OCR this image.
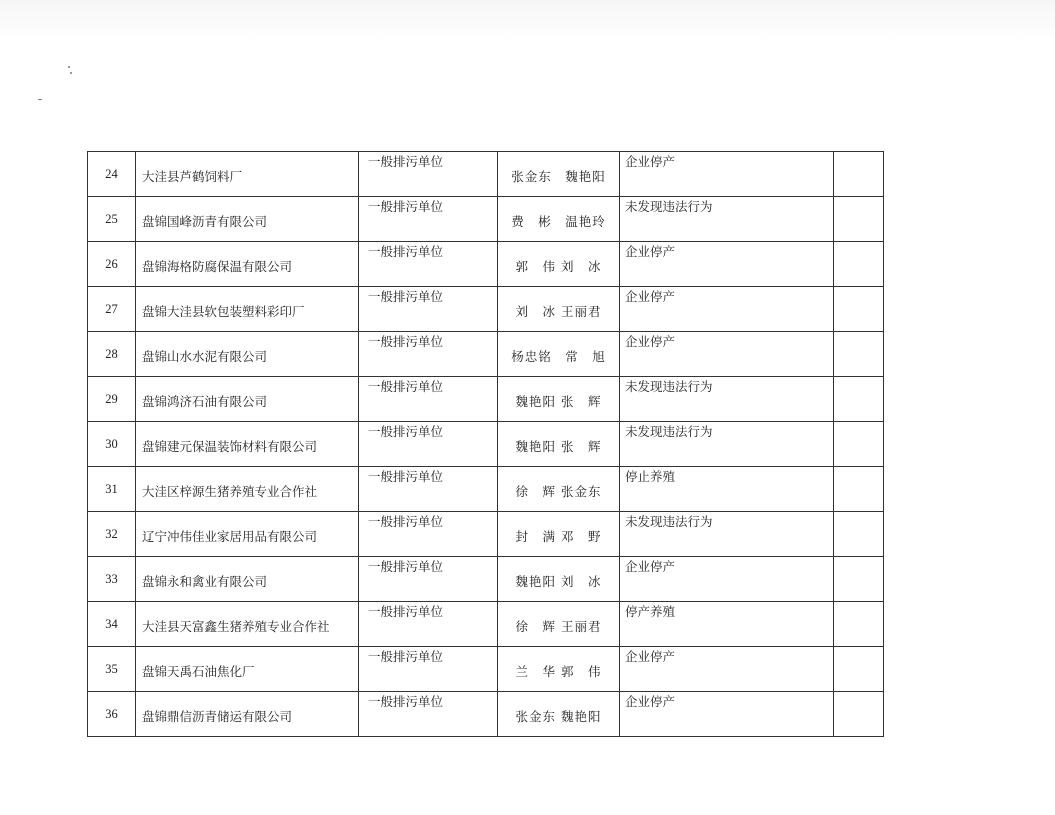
24	大洼县芦鹤饲料厂	一般排污单位	张金东　魏艳阳	企业停产	
25	盘锦国峰沥青有限公司	一般排污单位	费　彬　温艳玲	未发现违法行为	
26	盘锦海格防腐保温有限公司	一般排污单位	郭　伟 刘　冰	企业停产	
27	盘锦大洼县软包装塑料彩印厂	一般排污单位	刘　冰 王丽君	企业停产	
28	盘锦山水水泥有限公司	一般排污单位	杨忠铭　常　旭	企业停产	
29	盘锦鸿济石油有限公司	一般排污单位	魏艳阳 张　辉	未发现违法行为	
30	盘锦建元保温装饰材料有限公司	一般排污单位	魏艳阳 张　辉	未发现违法行为	
31	大洼区梓源生猪养殖专业合作社	一般排污单位	徐　辉 张金东	停止养殖	
32	辽宁冲伟佳业家居用品有限公司	一般排污单位	封　满 邓　野	未发现违法行为	
33	盘锦永和禽业有限公司	一般排污单位	魏艳阳 刘　冰	企业停产	
34	大洼县天富鑫生猪养殖专业合作社	一般排污单位	徐　辉 王丽君	停产养殖	
35	盘锦天禹石油焦化厂	一般排污单位	兰　华 郭　伟	企业停产	
36	盘锦鼎信沥青储运有限公司	一般排污单位	张金东 魏艳阳	企业停产	
